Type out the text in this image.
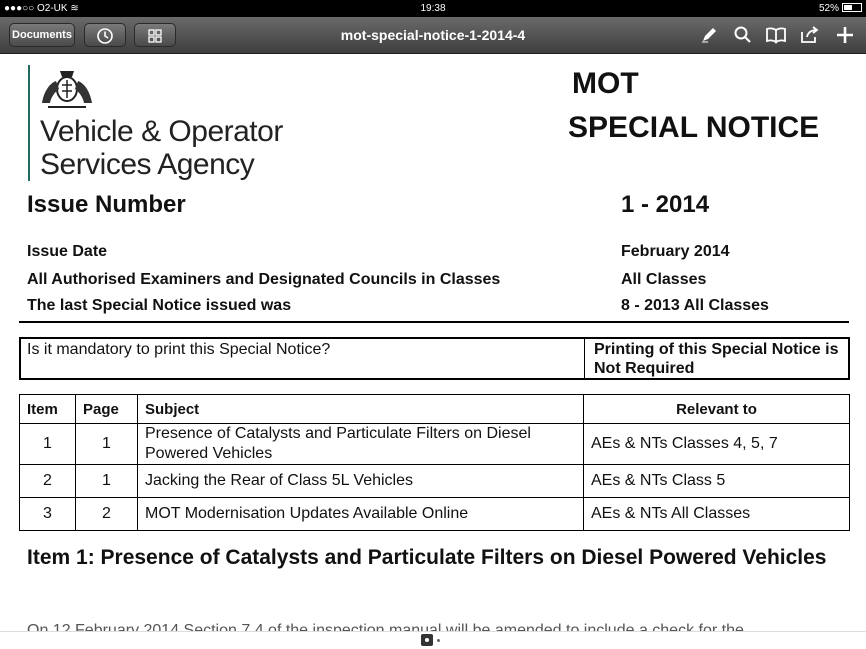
●●●○○ O2-UK ≋	19:38	52%
Documents	mot-special-notice-1-2014-4
Vehicle & Operator
Services Agency
MOT
SPECIAL NOTICE
Issue Number	1 - 2014
Issue Date	February 2014
All Authorised Examiners and Designated Councils in Classes	All Classes
The last Special Notice issued was	8 - 2013 All Classes
Is it mandatory to print this Special Notice?	Printing of this Special Notice is Not Required
Item	Page	Subject	Relevant to
1	1	Presence of Catalysts and Particulate Filters on Diesel Powered Vehicles	AEs & NTs Classes 4, 5, 7
2	1	Jacking the Rear of Class 5L Vehicles	AEs & NTs Class 5
3	2	MOT Modernisation Updates Available Online	AEs & NTs All Classes
Item 1: Presence of Catalysts and Particulate Filters on Diesel Powered Vehicles
